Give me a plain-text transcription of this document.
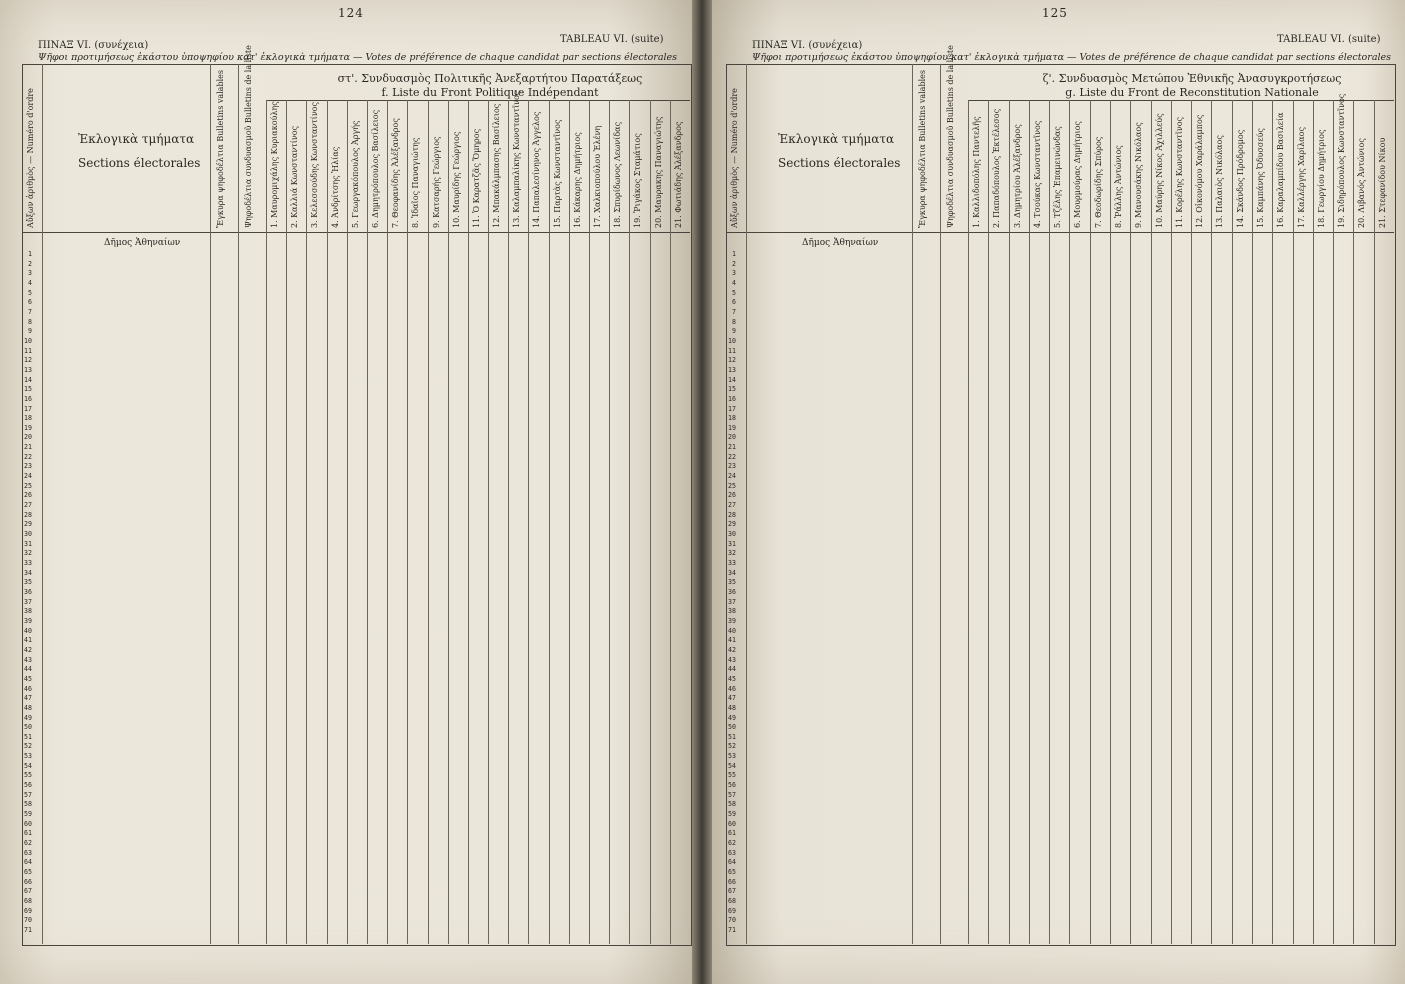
124
ΠΙΝΑΞ VI. (συνέχεια)
TABLEAU VI. (suite)
Ψῆφοι προτιμήσεως ἑκάστου ὑποψηφίου κατ' ἐκλογικὰ τμήματα — Votes de préférence de chaque candidat par sections électorales
Αὔξων ἀριθμὸς — Numéro d'ordre	Ἐκλογικὰ τμήματα
Sections électorales Ἔγκυρα ψηφοδέλτια Bulletins valables Ψηφοδέλτια συνδυασμοῦ Bulletins de la liste	στ'. Συνδυασμὸς Πολιτικῆς Ἀνεξαρτήτου Παρατάξεως
f. Liste du Front Politique Indépendant
1. Μαυρομιχάλης Κυριακούλης 2. Καλλιά Κωνσταντίνος 3. Κελεσσούδης Κωνσταντίνος 4. Ἀνδρίτσης Ἠλίας 5. Γεωργακόπουλος Ἀργής 6. Δημητρόπουλος Βασίλειος 7. Θεοφανίδης Ἀλέξανδρος 8. Ἰδαῖος Παναγιώτης 9. Κατσαρής Γεώργιος 10. Μαυρίδης Γεώργιος 11. Ὁ Καρατζᾶς Ὅμηρος 12. Μπακάλμπασης Βασίλειος 13. Καλαμπαλίκης Κωνσταντῖνος 14. Παπαλεσίνηνος Ἀγγελος 15. Παρτὰς Κωνσταντῖνος 16. Κάκαρης Δημήτριος 17. Χαλκιοπούλου Ἑλένη 18. Σπυρίδωνος Λεωνίδας 19. Ῥιγάκος Σταμάτιος 20. Μαυρακης Παναγιώτης 21. Φωτιάδης Ἀλέξανδρος
Δῆμος Ἀθηναίων
1
2
3
4
5
6
7
8
9
10
11
12
13
14
15
16
17
18
19
20
21
22
23
24
25
26
27
28
29
30
31
32
33
34
35
36
37
38
39
40
41
42
43
44
45
46
47
48
49
50
51
52
53
54
55
56
57
58
59
60
61
62
63
64
65
66
67
68
69
70
71

125
ΠΙΝΑΞ VI. (συνέχεια)
TABLEAU VI. (suite)
Ψῆφοι προτιμήσεως ἑκάστου ὑποψηφίου κατ' ἐκλογικὰ τμήματα — Votes de préférence de chaque candidat par sections électorales
Αὔξων ἀριθμὸς — Numéro d'ordre	Ἐκλογικὰ τμήματα
Sections électorales Ἔγκυρα ψηφοδέλτια Bulletins valables Ψηφοδέλτια συνδυασμοῦ Bulletins de la liste	ζ'. Συνδυασμὸς Μετώπου Ἐθνικῆς Ἀνασυγκροτήσεως
g. Liste du Front de Reconstitution Nationale
1. Καλλιδοπόλης Παντελῆς 2. Παπαδόπουλος Ἐκτέλεσος 3. Δημητρίου Ἀλέξανδρος 4. Τσούκας Κωνσταντῖνος 5. Τζέλης Ἐπαμεινώνδας 6. Μουρμούρας Δημήτριος 7. Θεοδωρίδης Σπύρος 8. Ῥάλλης Ἀντώνιος 9. Μανουσάκης Νικόλαος 10. Μαύρης Νίκος Ἀχιλλεύς 11. Κορέλης Κωνσταντῖνος 12. Οἰκονόμου Χαράλαμπος 13. Παλαιὸς Νικόλαος 14. Σκάνδος Πρόδρομος 15. Καμπάνης Ὀδυσσεύς 16. Καραλαμπίδου Βασιλεία 17. Καλλέργης Χαρίλαος 18. Γεωργίου Δημήτριος 19. Σιδηρόπουλος Κωνσταντῖνος 20. Λιβανός Ἀντώνιος 21. Στεφανίδου Νίκου
Δῆμος Ἀθηναίων
1
2
3
4
5
6
7
8
9
10
11
12
13
14
15
16
17
18
19
20
21
22
23
24
25
26
27
28
29
30
31
32
33
34
35
36
37
38
39
40
41
42
43
44
45
46
47
48
49
50
51
52
53
54
55
56
57
58
59
60
61
62
63
64
65
66
67
68
69
70
71
